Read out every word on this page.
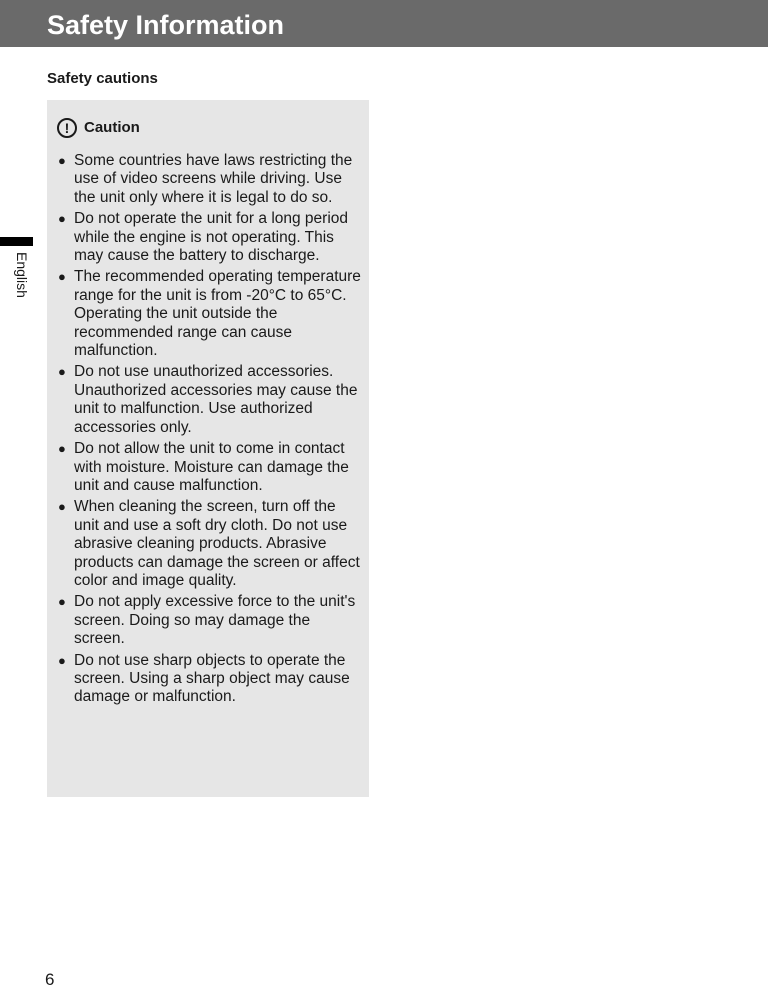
Safety Information
Safety cautions
English
! Caution
● Some countries have laws restricting the use of video screens while driving. Use the unit only where it is legal to do so.
● Do not operate the unit for a long period while the engine is not operating. This may cause the battery to discharge.
● The recommended operating temperature range for the unit is from -20°C to 65°C. Operating the unit outside the recommended range can cause malfunction.
● Do not use unauthorized accessories. Unauthorized accessories may cause the unit to malfunction. Use authorized accessories only.
● Do not allow the unit to come in contact with moisture. Moisture can damage the unit and cause malfunction.
● When cleaning the screen, turn off the unit and use a soft dry cloth. Do not use abrasive cleaning products. Abrasive products can damage the screen or affect color and image quality.
● Do not apply excessive force to the unit's screen. Doing so may damage the screen.
● Do not use sharp objects to operate the screen. Using a sharp object may cause damage or malfunction.
6
